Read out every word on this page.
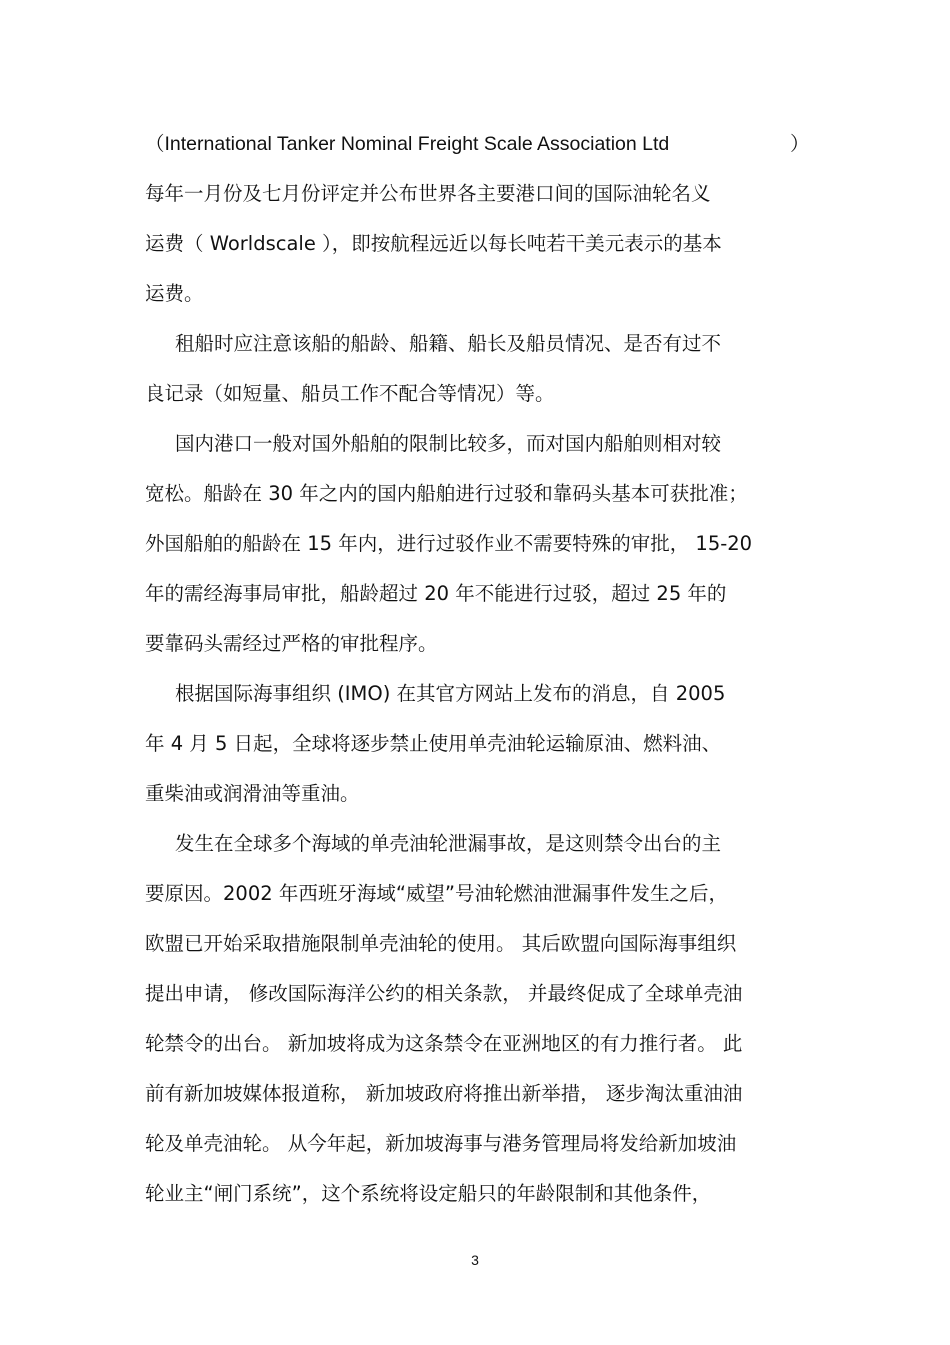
（International Tanker Nominal Freight Scale Association Ltd	）
每年一月份及七月份评定并公布世界各主要港口间的国际油轮名义
运费（ Worldscale ），即按航程远近以每长吨若干美元表示的基本
运费。
租船时应注意该船的船龄、船籍、船长及船员情况、是否有过不
良记录（如短量、船员工作不配合等情况）等。
国内港口一般对国外船舶的限制比较多，而对国内船舶则相对较
宽松。船龄在 30 年之内的国内船舶进行过驳和靠码头基本可获批准；
外国船舶的船龄在 15 年内，进行过驳作业不需要特殊的审批， 15-20
年的需经海事局审批，船龄超过 20 年不能进行过驳，超过 25 年的
要靠码头需经过严格的审批程序。
根据国际海事组织 (IMO) 在其官方网站上发布的消息，自 2005
年 4 月 5 日起，全球将逐步禁止使用单壳油轮运输原油、燃料油、
重柴油或润滑油等重油。
发生在全球多个海域的单壳油轮泄漏事故，是这则禁令出台的主
要原因。2002 年西班牙海域“威望”号油轮燃油泄漏事件发生之后，
欧盟已开始采取措施限制单壳油轮的使用。 其后欧盟向国际海事组织
提出申请， 修改国际海洋公约的相关条款， 并最终促成了全球单壳油
轮禁令的出台。 新加坡将成为这条禁令在亚洲地区的有力推行者。 此
前有新加坡媒体报道称， 新加坡政府将推出新举措， 逐步淘汰重油油
轮及单壳油轮。 从今年起，新加坡海事与港务管理局将发给新加坡油
轮业主“闸门系统”，这个系统将设定船只的年龄限制和其他条件，
3
